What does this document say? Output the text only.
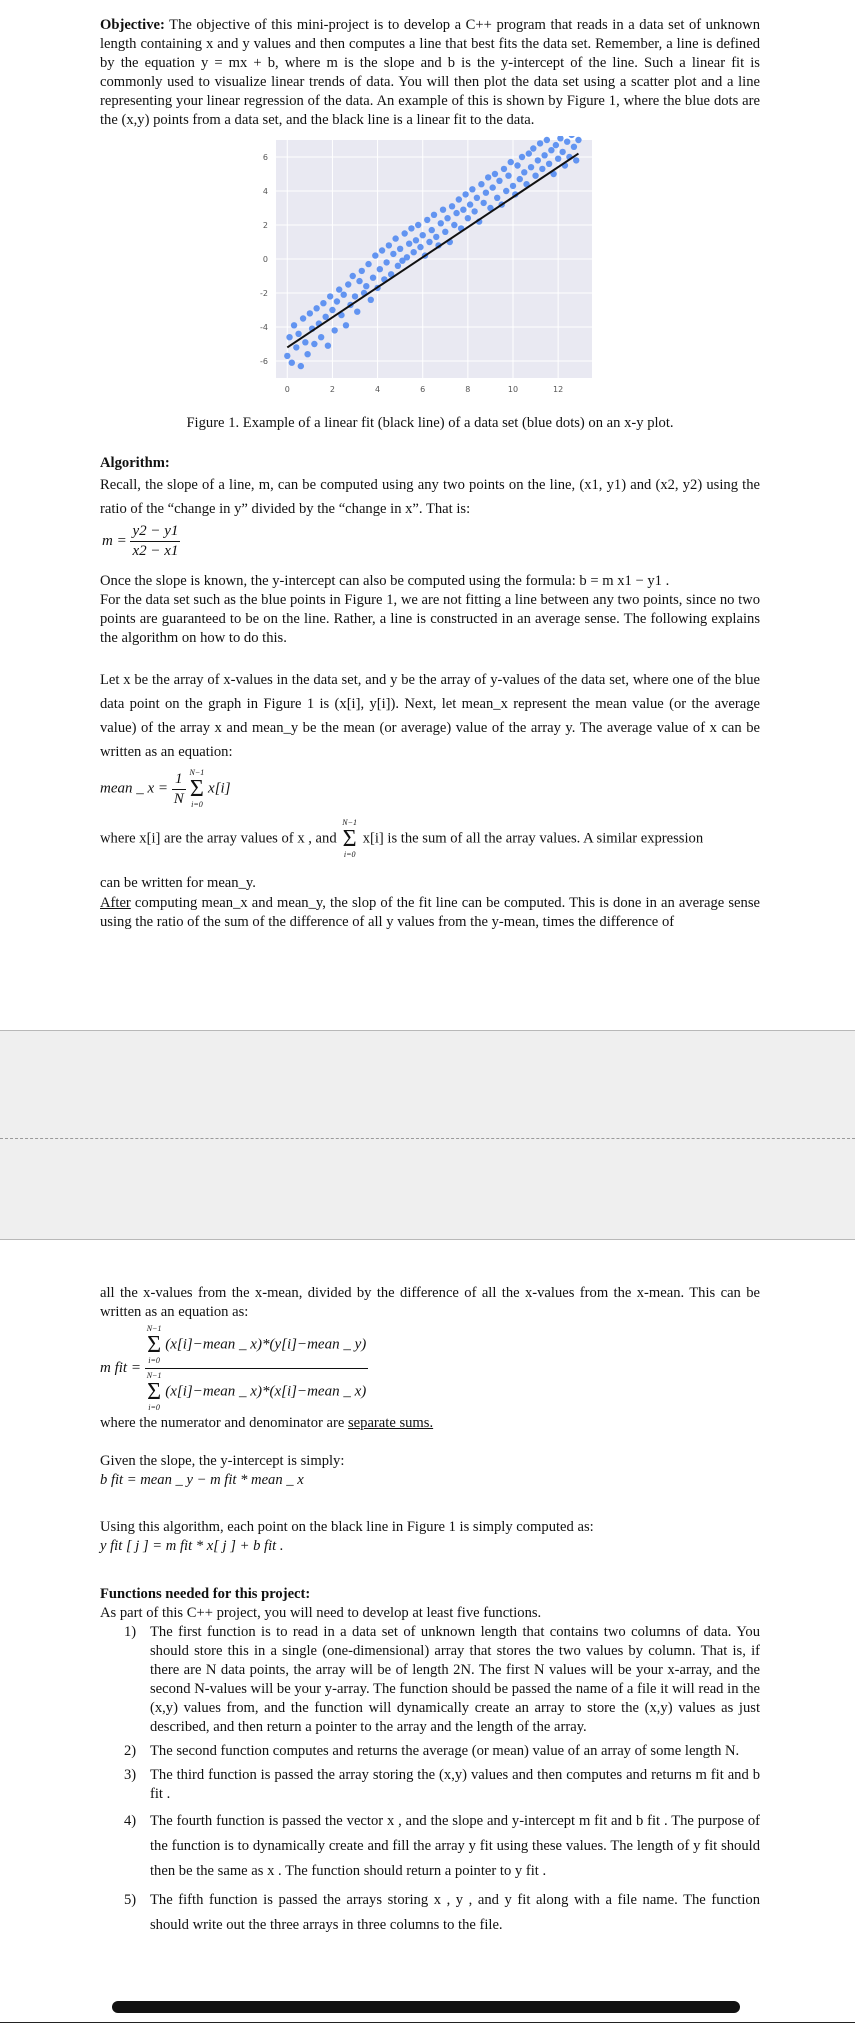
Objective: The objective of this mini-project is to develop a C++ program that reads in a data set of unknown length containing x and y values and then computes a line that best fits the data set. Remember, a line is defined by the equation y = mx + b, where m is the slope and b is the y-intercept of the line. Such a linear fit is commonly used to visualize linear trends of data. You will then plot the data set using a scatter plot and a line representing your linear regression of the data. An example of this is shown by Figure 1, where the blue dots are the (x,y) points from a data set, and the black line is a linear fit to the data.

0	2	4	6	8	10	12
6
4
2
0
-2
-4
-6
Figure 1. Example of a linear fit (black line) of a data set (blue dots) on an x-y plot.

Algorithm:

Recall, the slope of a line, m, can be computed using any two points on the line, (x1, y1) and (x2, y2) using the ratio of the “change in y” divided by the “change in x”. That is:

$m = \frac{y2 - y1}{x2 - x1}$

Once the slope is known, the y-intercept can also be computed using the formula: b = m x1 − y1 .

For the data set such as the blue points in Figure 1, we are not fitting a line between any two points, since no two points are guaranteed to be on the line. Rather, a line is constructed in an average sense. The following explains the algorithm on how to do this.

Let x be the array of x-values in the data set, and y be the array of y-values of the data set, where one of the blue data point on the graph in Figure 1 is (x[i], y[i]). Next, let mean_x represent the mean value (or the average value) of the array x and mean_y be the mean (or average) value of the array y. The average value of x can be written as an equation:

mean _ $x = \frac{1}{N}$
N−1
Σ
i=0
x[i]

where x[i] are the array values of x , and
N−1
Σ
i=0
x[i] is the sum of all the array values. A similar expression

can be written for mean_y.

After computing mean_x and mean_y, the slop of the fit line can be computed. This is done in an average sense using the ratio of the sum of the difference of all y values from the y-mean, times the difference of

all the x-values from the x-mean, divided by the difference of all the x-values from the x-mean. This can be written as an equation as:

m fit = N−1
Σ
i=0
(x[i]−mean _ x)*(y[i]−mean _ y)
N−1
Σ
i=0
(x[i]−mean _ x)*(x[i]−mean _ x)

where the numerator and denominator are separate sums.

Given the slope, the y-intercept is simply:

b fit = mean _ y − m fit * mean _ x

Using this algorithm, each point on the black line in Figure 1 is simply computed as:

y fit [ j ] = m fit * x[ j ] + b fit .

Functions needed for this project:

As part of this C++ project, you will need to develop at least five functions.

1) The first function is to read in a data set of unknown length that contains two columns of data. You should store this in a single (one-dimensional) array that stores the two values by column. That is, if there are N data points, the array will be of length 2N. The first N values will be your x-array, and the second N-values will be your y-array. The function should be passed the name of a file it will read in the (x,y) values from, and the function will dynamically create an array to store the (x,y) values as just described, and then return a pointer to the array and the length of the array.
2) The second function computes and returns the average (or mean) value of an array of some length N.
3) The third function is passed the array storing the (x,y) values and then computes and returns m fit and b fit .
4) The fourth function is passed the vector x , and the slope and y-intercept m fit and b fit . The purpose of the function is to dynamically create and fill the array y fit using these values. The length of y fit should then be the same as x . The function should return a pointer to y fit .
5) The fifth function is passed the arrays storing x , y , and y fit along with a file name. The function should write out the three arrays in three columns to the file.
